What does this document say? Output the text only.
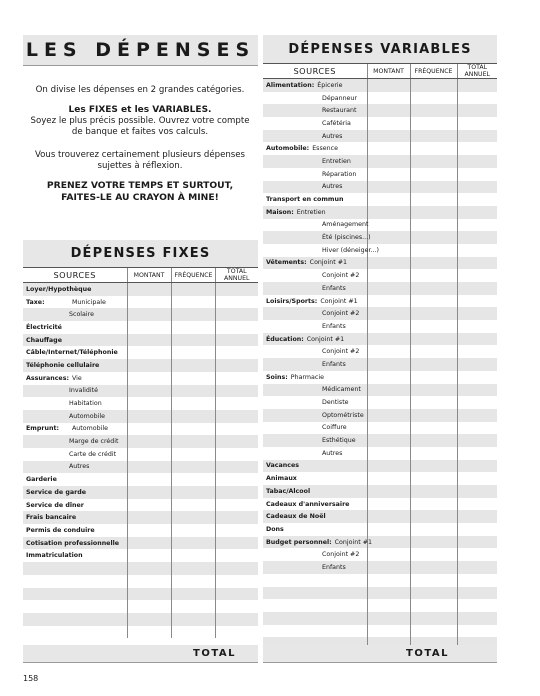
LES DÉPENSES
On divise les dépenses en 2 grandes catégories.
Les FIXES et les VARIABLES.
Soyez le plus précis possible. Ouvrez votre compte de banque et faites vos calculs.
Vous trouverez certainement plusieurs dépenses sujettes à réflexion.
PRENEZ VOTRE TEMPS ET SURTOUT, FAITES-LE AU CRAYON À MINE!
DÉPENSES FIXES
SOURCES	MONTANT	FRÉQUENCE	TOTAL ANNUEL
Loyer/Hypothèque			
Taxe: Municipale			

Scolaire			
Électricité			
Chauffage			
Câble/Internet/Téléphonie			
Téléphonie cellulaire			
Assurances: Vie			

Invalidité			
Habitation			
Automobile			
Emprunt: Automobile			

Marge de crédit			
Carte de crédit			
Autres			
Garderie			
Service de garde			
Service de dîner			
Frais bancaire			
Permis de conduire			
Cotisation professionnelle			
Immatriculation			

TOTAL
DÉPENSES VARIABLES
SOURCES	MONTANT	FRÉQUENCE	TOTAL ANNUEL
Alimentation: Épicerie			
Dépanneur			
Restaurant			
Cafétéria			
Autres			
Automobile: Essence			
Entretien			
Réparation			
Autres			
Transport en commun			
Maison: Entretien			
Aménagement			
Été (piscines...)			
Hiver (déneiger...)			
Vêtements: Conjoint #1			
Conjoint #2			
Enfants			
Loisirs/Sports: Conjoint #1			
Conjoint #2			
Enfants			
Éducation: Conjoint #1			
Conjoint #2			
Enfants			
Soins: Pharmacie			
Médicament			
Dentiste			
Optométriste			
Coiffure			
Esthétique			
Autres			
Vacances			
Animaux			
Tabac/Alcool			
Cadeaux d'anniversaire			
Cadeaux de Noël			
Dons			
Budget personnel: Conjoint #1			
Conjoint #2			
Enfants			

TOTAL
158
